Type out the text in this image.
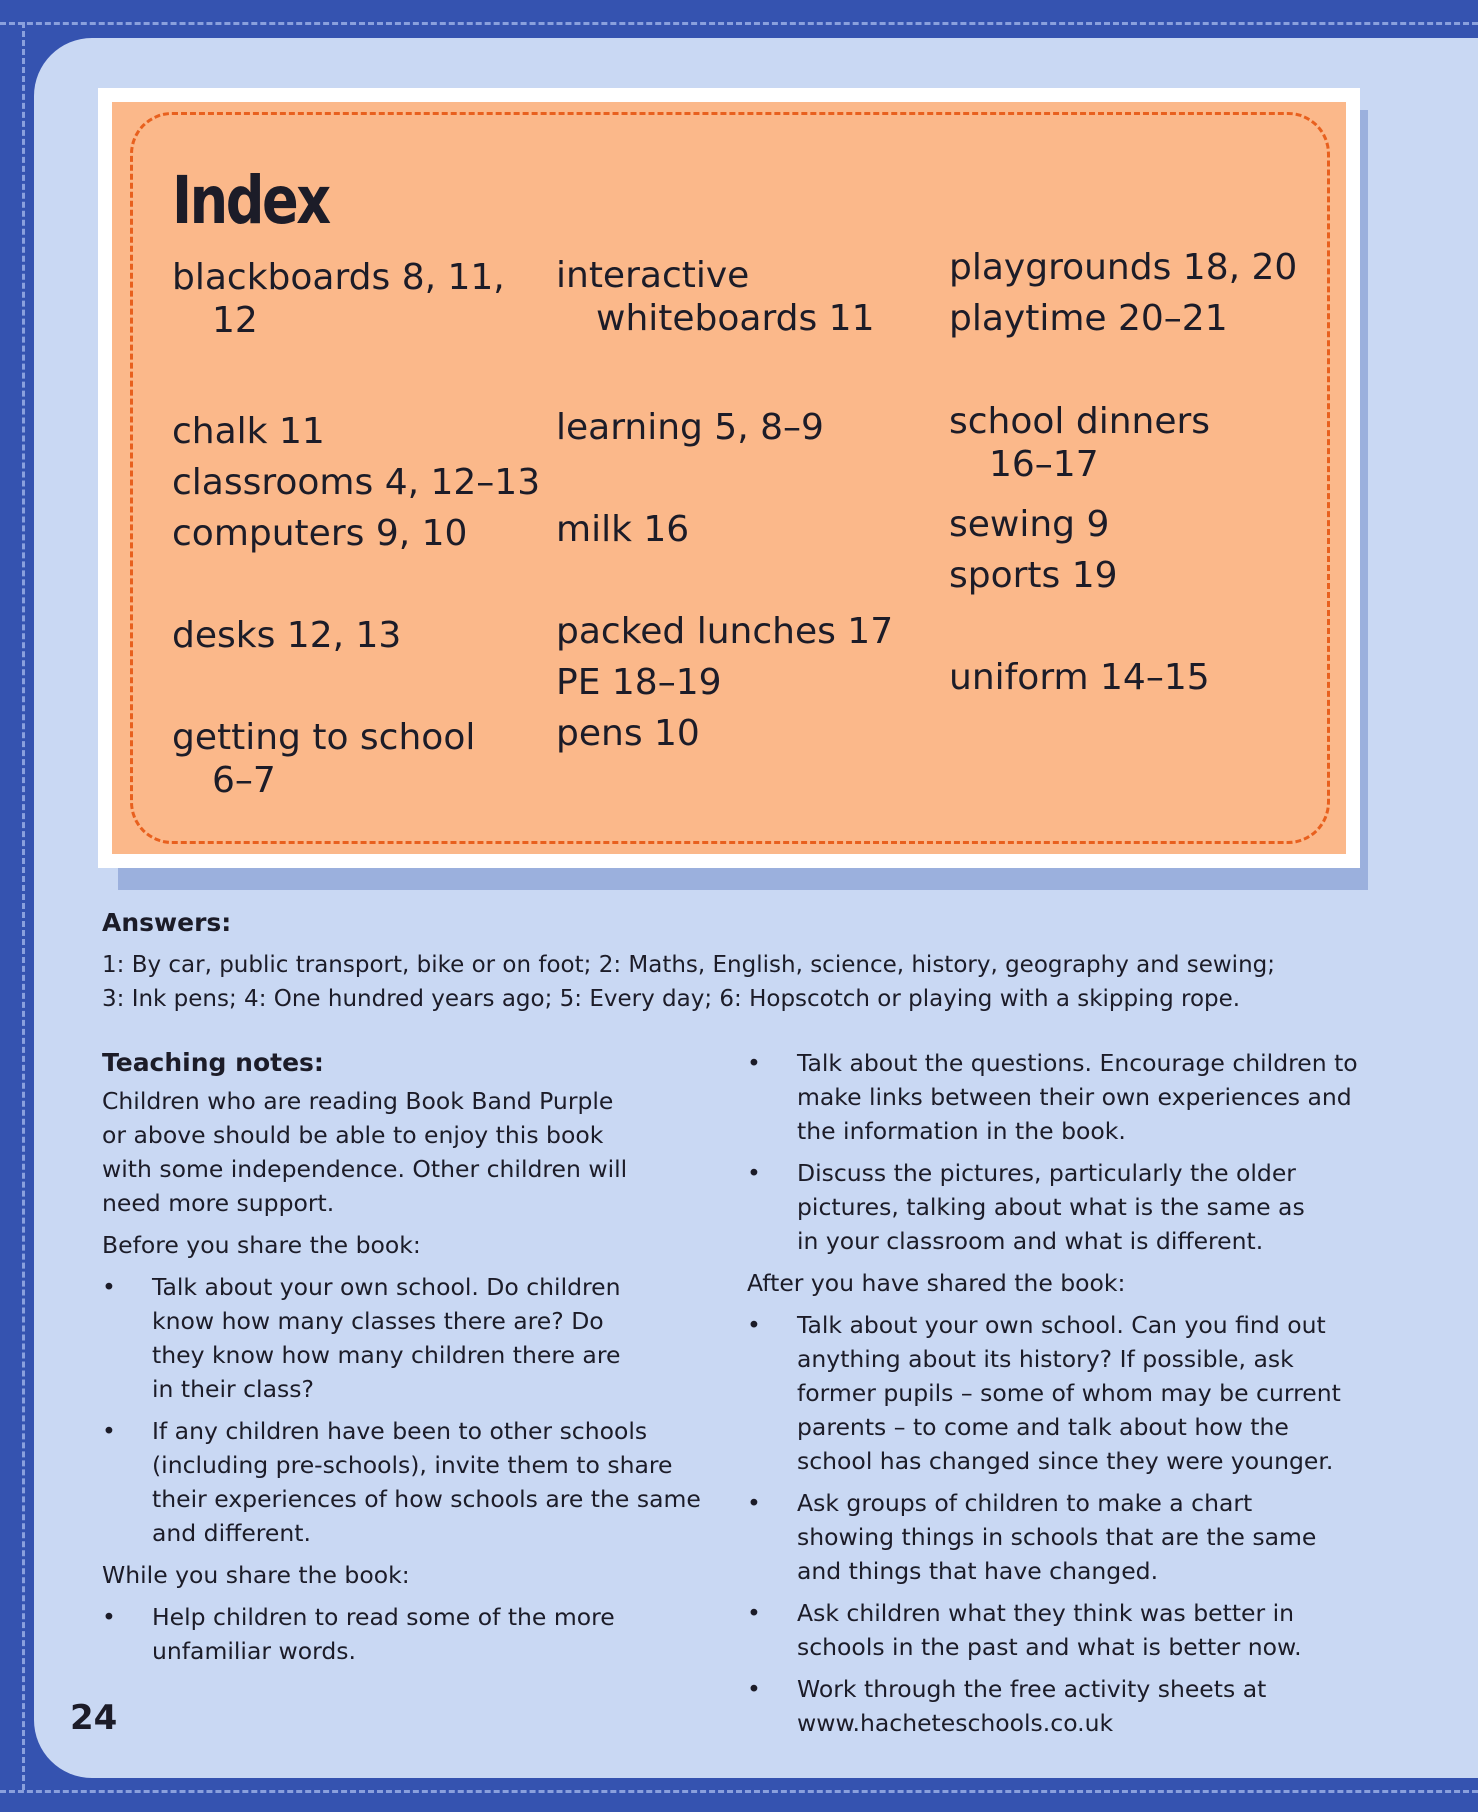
Index
blackboards 8, 11,
12
chalk 11
classrooms 4, 12–13
computers 9, 10
desks 12, 13
getting to school
6–7
interactive
whiteboards 11
learning 5, 8–9
milk 16
packed lunches 17
PE 18–19
pens 10
playgrounds 18, 20
playtime 20–21
school dinners
16–17
sewing 9
sports 19
uniform 14–15
Answers:
1: By car, public transport, bike or on foot; 2: Maths, English, science, history, geography and sewing;
3: Ink pens; 4: One hundred years ago; 5: Every day; 6: Hopscotch or playing with a skipping rope.
Teaching notes:
Children who are reading Book Band Purple or above should be able to enjoy this book with some independence. Other children will need more support.
Before you share the book:
• Talk about your own school. Do children know how many classes there are? Do they know how many children there are in their class?
• If any children have been to other schools (including pre-schools), invite them to share their experiences of how schools are the same and different.
While you share the book:
• Help children to read some of the more unfamiliar words.
• Talk about the questions. Encourage children to make links between their own experiences and the information in the book.
• Discuss the pictures, particularly the older pictures, talking about what is the same as in your classroom and what is different.
After you have shared the book:
• Talk about your own school. Can you find out anything about its history? If possible, ask former pupils – some of whom may be current parents – to come and talk about how the school has changed since they were younger.
• Ask groups of children to make a chart showing things in schools that are the same and things that have changed.
• Ask children what they think was better in schools in the past and what is better now.
• Work through the free activity sheets at www.hacheteschools.co.uk
24
